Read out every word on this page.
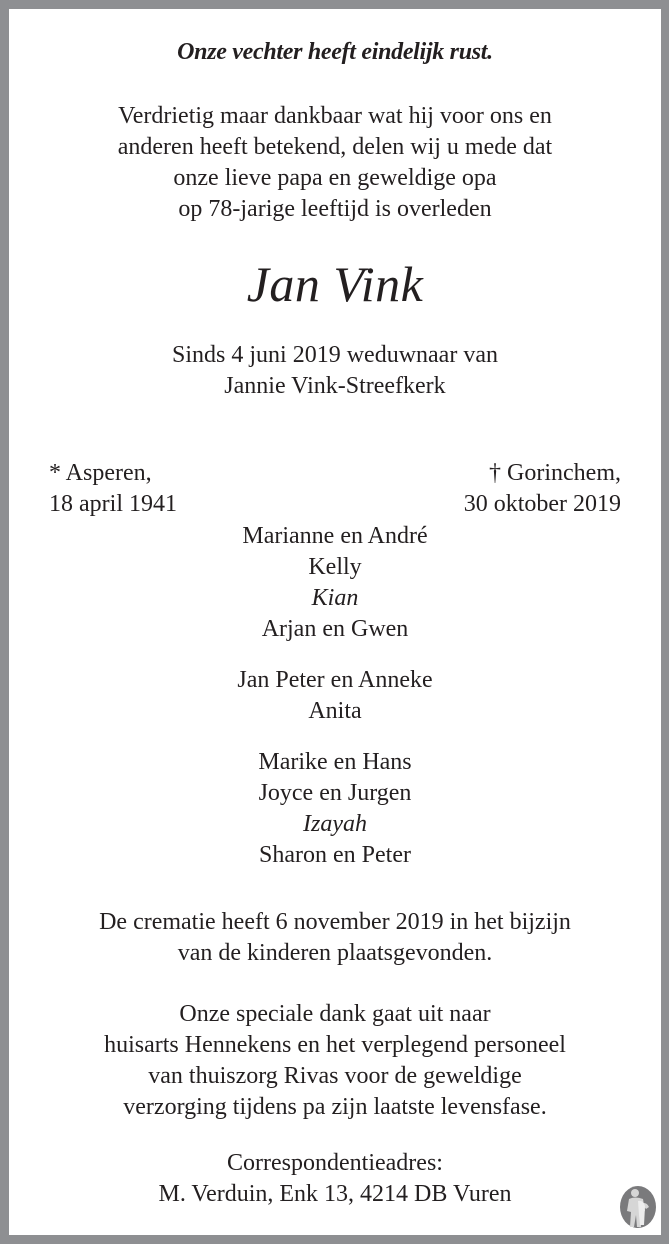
Onze vechter heeft eindelijk rust.
Verdrietig maar dankbaar wat hij voor ons en
anderen heeft betekend, delen wij u mede dat
onze lieve papa en geweldige opa
op 78-jarige leeftijd is overleden
Jan Vink
Sinds 4 juni 2019 weduwnaar van
Jannie Vink-Streefkerk
* Asperen,
18 april 1941
† Gorinchem,
30 oktober 2019
Marianne en André
Kelly
Kian
Arjan en Gwen
Jan Peter en Anneke
Anita
Marike en Hans
Joyce en Jurgen
Izayah
Sharon en Peter
De crematie heeft 6 november 2019 in het bijzijn
van de kinderen plaatsgevonden.
Onze speciale dank gaat uit naar
huisarts Hennekens en het verplegend personeel
van thuiszorg Rivas voor de geweldige
verzorging tijdens pa zijn laatste levensfase.
Correspondentieadres:
M. Verduin, Enk 13, 4214 DB Vuren
